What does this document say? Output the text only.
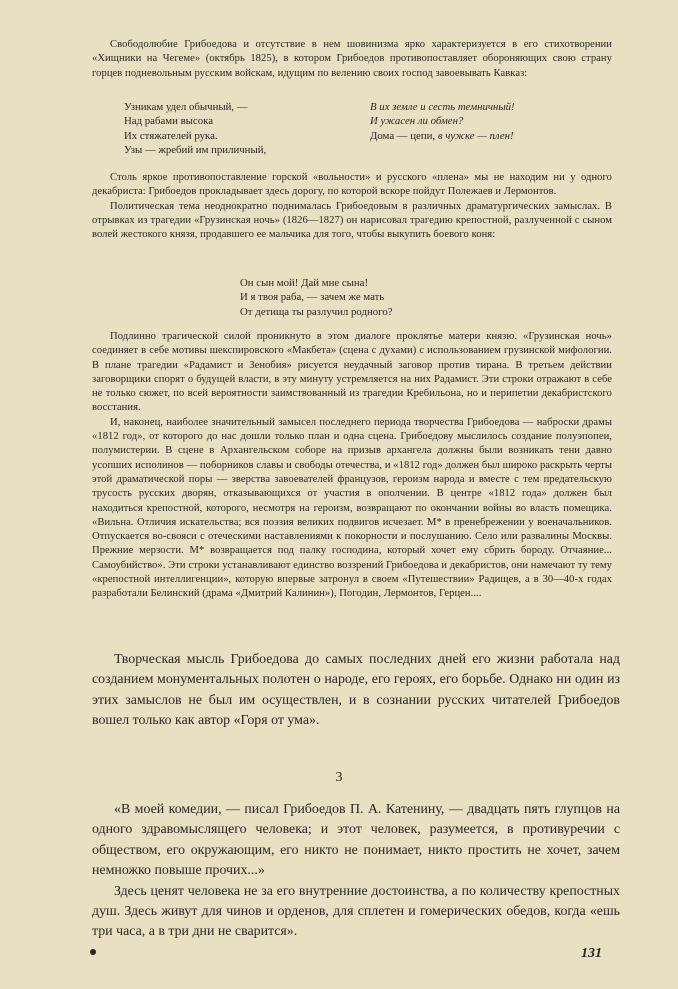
Свободолюбие Грибоедова и отсутствие в нем шовинизма ярко характеризуется в его стихотворении «Хищники на Чегеме» (октябрь 1825), в котором Грибоедов противопоставляет обороняющих свою страну горцев подневольным русским войскам, идущим по велению своих господ завоевывать Кавказ:

Узникам удел обычный, —
Над рабами высока
Их стяжателей рука.
Узы — жребий им приличный,
В их земле и сесть темничный!
И ужасен ли обмен?
Дома — цепи, в чужке — плен!

Столь яркое противопоставление горской «вольности» и русского «плена» мы не находим ни у одного декабриста: Грибоедов прокладывает здесь дорогу, по которой вскоре пойдут Полежаев и Лермонтов.

Политическая тема неоднократно поднималась Грибоедовым в различных драматургических замыслах. В отрывках из трагедии «Грузинская ночь» (1826—1827) он нарисовал трагедию крепостной, разлученной с сыном волей жестокого князя, продавшего ее мальчика для того, чтобы выкупить боевого коня:

Он сын мой! Дай мне сына!
И я твоя раба, — зачем же мать
От детища ты разлучил родного?

Подлинно трагической силой проникнуто в этом диалоге проклятье матери князю. «Грузинская ночь» соединяет в себе мотивы шекспировского «Макбета» (сцена с духами) с использованием грузинской мифологии. В плане трагедии «Радамист и Зенобия» рисуется неудачный заговор против тирана. В третьем действии заговорщики спорят о будущей власти, в эту минуту устремляется на них Радамист. Эти строки отражают в себе не только сюжет, по всей вероятности заимствованный из трагедии Кребильона, но и перипетии декабристского восстания.

И, наконец, наиболее значительный замысел последнего периода творчества Грибоедова — наброски драмы «1812 год», от которого до нас дошли только план и одна сцена. Грибоедову мыслилось создание полуэпопеи, полумистерии. В сцене в Архангельском соборе на призыв архангела должны были возникать тени давно усопших исполинов — поборников славы и свободы отечества, и «1812 год» должен был широко раскрыть черты этой драматической поры — зверства завоевателей французов, героизм народа и вместе с тем предательскую трусость русских дворян, отказывающихся от участия в ополчении. В центре «1812 года» должен был находиться крепостной, которого, несмотря на героизм, возвращают по окончании войны во власть помещика. «Вильна. Отличия искательства; вся поэзия великих подвигов исчезает. М* в пренебрежении у военачальников. Отпускается во-свояси с отеческими наставлениями к покорности и послушанию. Село или развалины Москвы. Прежние мерзости. М* возвращается под палку господина, который хочет ему сбрить бороду. Отчаяние... Самоубийство». Эти строки устанавливают единство воззрений Грибоедова и декабристов, они намечают ту тему «крепостной интеллигенции», которую впервые затронул в своем «Путешествии» Радищев, а в 30—40-х годах разработали Белинский (драма «Дмитрий Калинин»), Погодин, Лермонтов, Герцен....

Творческая мысль Грибоедова до самых последних дней его жизни работала над созданием монументальных полотен о народе, его героях, его борьбе. Однако ни один из этих замыслов не был им осуществлен, и в сознании русских читателей Грибоедов вошел только как автор «Горя от ума».

3

«В моей комедии, — писал Грибоедов П. А. Катенину, — двадцать пять глупцов на одного здравомыслящего человека; и этот человек, разумеется, в противуречии с обществом, его окружающим, его никто не понимает, никто простить не хочет, зачем немножко повыше прочих...»

Здесь ценят человека не за его внутренние достоинства, а по количеству крепостных душ. Здесь живут для чинов и орденов, для сплетен и гомерических обедов, когда «ешь три часа, а в три дни не сварится».

131
